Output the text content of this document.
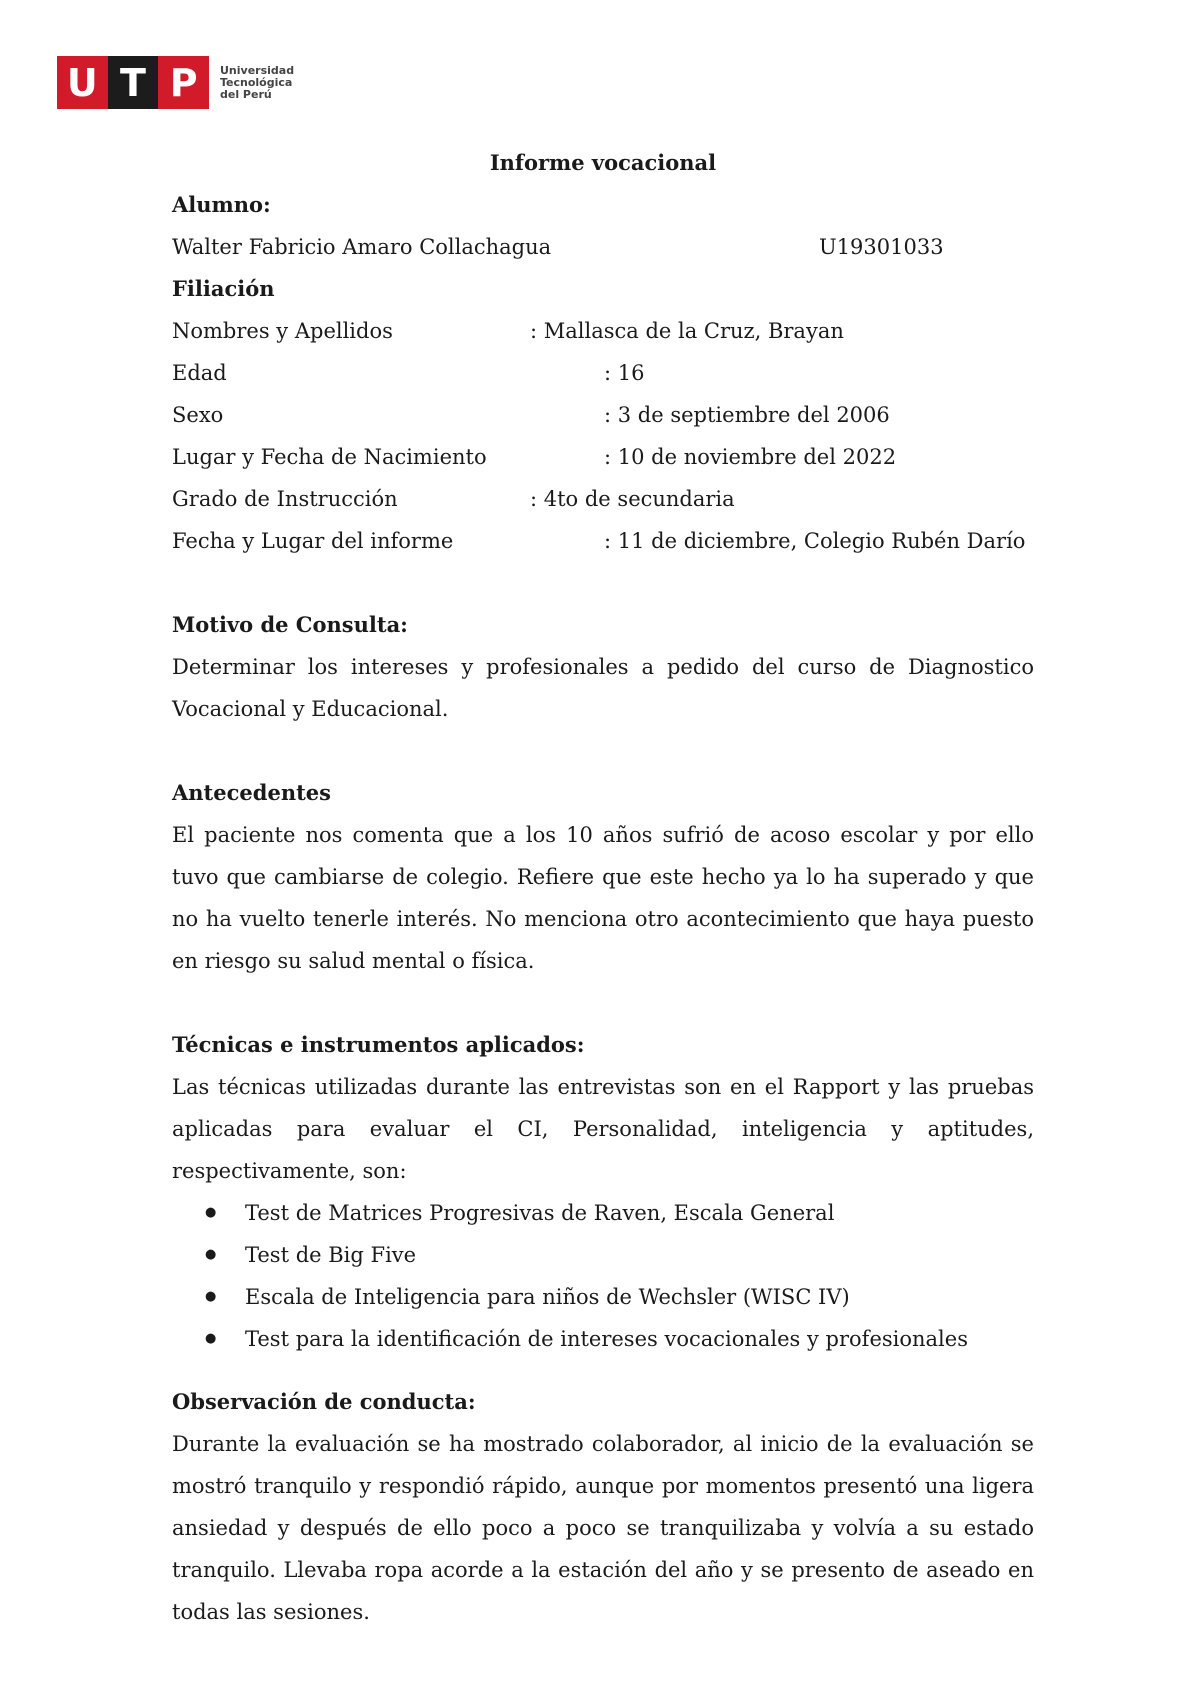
U T P	Universidad
Tecnológica
del Perú
Informe vocacional
Alumno:
Walter Fabricio Amaro Collachagua	U19301033
Filiación
Nombres y Apellidos	: Mallasca de la Cruz, Brayan
Edad	: 16
Sexo	: 3 de septiembre del 2006
Lugar y Fecha de Nacimiento	: 10 de noviembre del 2022
Grado de Instrucción	: 4to de secundaria
Fecha y Lugar del informe	: 11 de diciembre, Colegio Rubén Darío
Motivo de Consulta:
Determinar los intereses y profesionales a pedido del curso de Diagnostico Vocacional y Educacional.
Antecedentes
El paciente nos comenta que a los 10 años sufrió de acoso escolar y por ello tuvo que cambiarse de colegio. Refiere que este hecho ya lo ha superado y que no ha vuelto tenerle interés. No menciona otro acontecimiento que haya puesto en riesgo su salud mental o física.
Técnicas e instrumentos aplicados:
Las técnicas utilizadas durante las entrevistas son en el Rapport y las pruebas aplicadas para evaluar el CI, Personalidad, inteligencia y aptitudes, respectivamente, son:
● Test de Matrices Progresivas de Raven, Escala General
● Test de Big Five
● Escala de Inteligencia para niños de Wechsler (WISC IV)
● Test para la identificación de intereses vocacionales y profesionales
Observación de conducta:
Durante la evaluación se ha mostrado colaborador, al inicio de la evaluación se mostró tranquilo y respondió rápido, aunque por momentos presentó una ligera ansiedad y después de ello poco a poco se tranquilizaba y volvía a su estado tranquilo. Llevaba ropa acorde a la estación del año y se presento de aseado en todas las sesiones.
